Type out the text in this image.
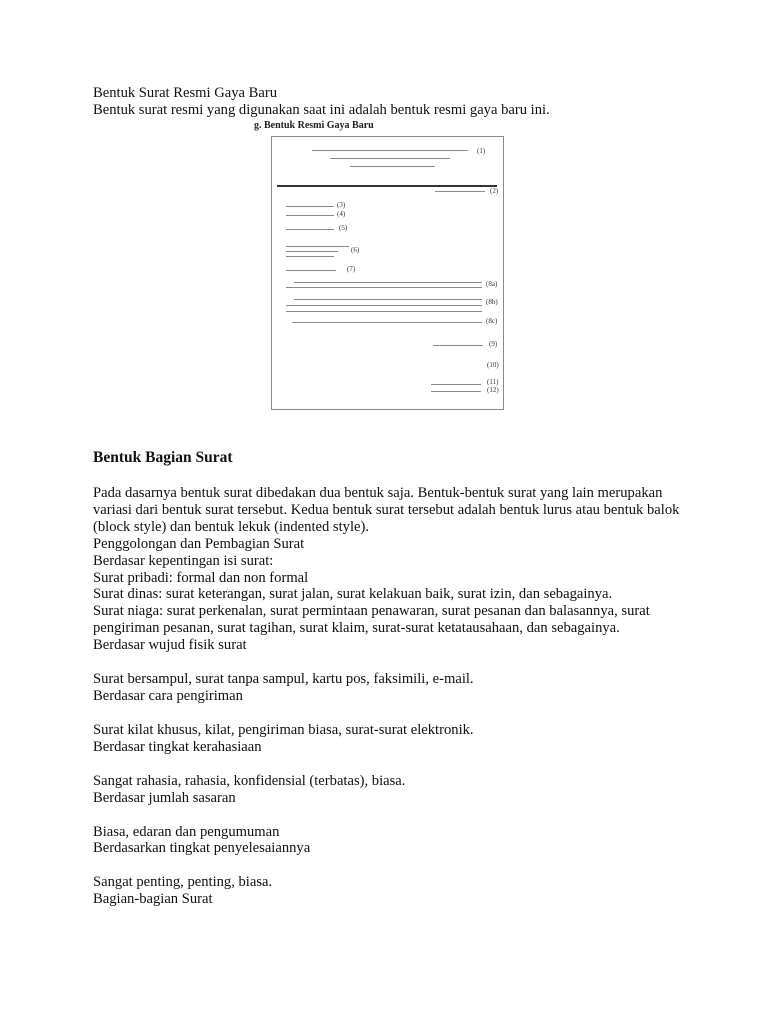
Bentuk Surat Resmi Gaya Baru
Bentuk surat resmi yang digunakan saat ini adalah bentuk resmi gaya baru ini.
g. Bentuk Resmi Gaya Baru
(1)
(2)
(3)
(4)
(5)
(6)
(7)
(8a)
(8b)
(8c)
(9)
(10)
(11)
(12)
Bentuk Bagian Surat

Pada dasarnya bentuk surat dibedakan dua bentuk saja. Bentuk-bentuk surat yang lain merupakan variasi dari bentuk surat tersebut. Kedua bentuk surat tersebut adalah bentuk lurus atau bentuk balok (block style) dan bentuk lekuk (indented style).

Penggolongan dan Pembagian Surat

Berdasar kepentingan isi surat:

Surat pribadi: formal dan non formal

Surat dinas: surat keterangan, surat jalan, surat kelakuan baik, surat izin, dan sebagainya.

Surat niaga: surat perkenalan, surat permintaan penawaran, surat pesanan dan balasannya, surat pengiriman pesanan, surat tagihan, surat klaim, surat-surat ketatausahaan, dan sebagainya.

Berdasar wujud fisik surat

Surat bersampul, surat tanpa sampul, kartu pos, faksimili, e-mail.

Berdasar cara pengiriman

Surat kilat khusus, kilat, pengiriman biasa, surat-surat elektronik.

Berdasar tingkat kerahasiaan

Sangat rahasia, rahasia, konfidensial (terbatas), biasa.

Berdasar jumlah sasaran

Biasa, edaran dan pengumuman

Berdasarkan tingkat penyelesaiannya

Sangat penting, penting, biasa.

Bagian-bagian Surat
